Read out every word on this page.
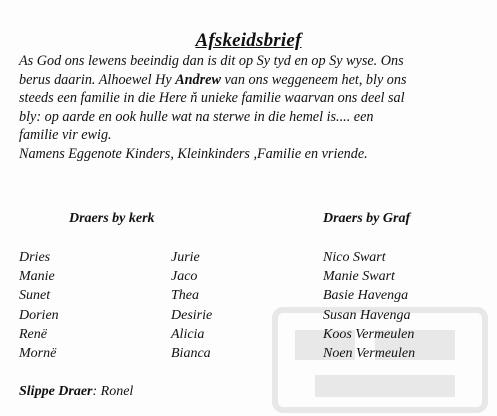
Afskeidsbrief
As God ons lewens beeindig dan is dit op Sy tyd en op Sy wyse. Ons
berus daarin. Alhoewel Hy Andrew van ons weggeneem het, bly ons
steeds een familie in die Here ň unieke familie waarvan ons deel sal
bly: op aarde en ook hulle wat na sterwe in die hemel is.... een
familie vir ewig.
Namens Eggenote Kinders, Kleinkinders ,Familie en vriende.
Draers by kerk	Draers by Graf
Dries
Manie
Sunet
Dorien
Renё
Mornё
Jurie
Jaco
Thea
Desirie
Alicia
Bianca
Nico Swart
Manie Swart
Basie Havenga
Susan Havenga
Koos Vermeulen
Noen Vermeulen
Slippe Draer: Ronel
